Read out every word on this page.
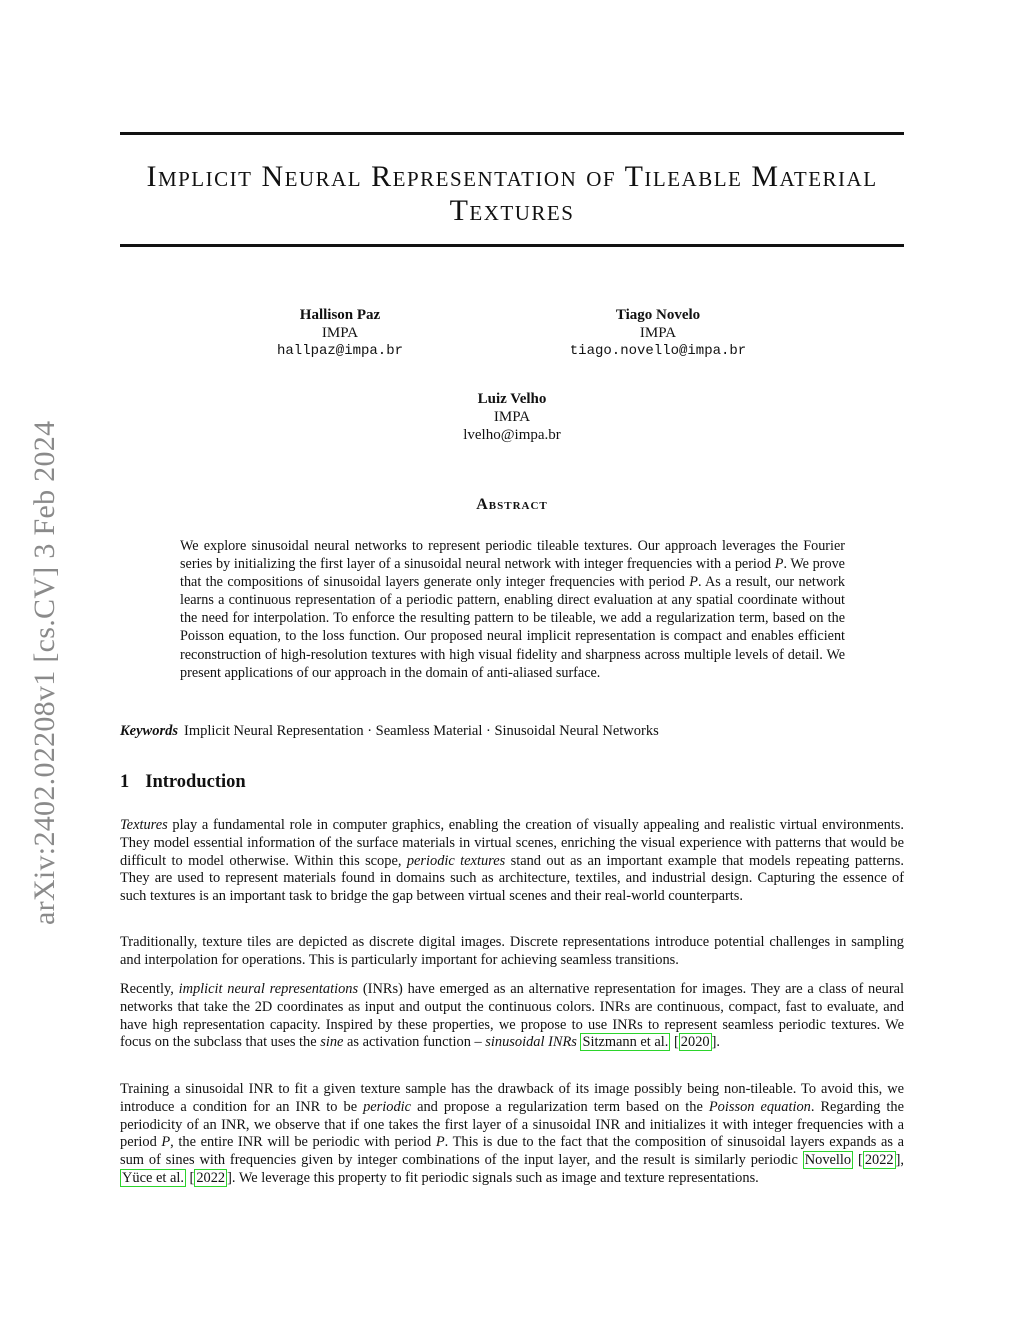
Implicit Neural Representation of Tileable Material
Textures
Hallison Paz
IMPA
hallpaz@impa.br
Tiago Novelo
IMPA
tiago.novello@impa.br
Luiz Velho
IMPA
lvelho@impa.br
Abstract
We explore sinusoidal neural networks to represent periodic tileable textures. Our approach leverages the Fourier series by initializing the first layer of a sinusoidal neural network with integer frequencies with a period P. We prove that the compositions of sinusoidal layers generate only integer frequencies with period P. As a result, our network learns a continuous representation of a periodic pattern, enabling direct evaluation at any spatial coordinate without the need for interpolation. To enforce the resulting pattern to be tileable, we add a regularization term, based on the Poisson equation, to the loss function. Our proposed neural implicit representation is compact and enables efficient reconstruction of high-resolution textures with high visual fidelity and sharpness across multiple levels of detail. We present applications of our approach in the domain of anti-aliased surface.
Keywords Implicit Neural Representation · Seamless Material · Sinusoidal Neural Networks
1 Introduction

Textures play a fundamental role in computer graphics, enabling the creation of visually appealing and realistic virtual environments. They model essential information of the surface materials in virtual scenes, enriching the visual experience with patterns that would be difficult to model otherwise. Within this scope, periodic textures stand out as an important example that models repeating patterns. They are used to represent materials found in domains such as architecture, textiles, and industrial design. Capturing the essence of such textures is an important task to bridge the gap between virtual scenes and their real-world counterparts.

Traditionally, texture tiles are depicted as discrete digital images. Discrete representations introduce potential challenges in sampling and interpolation for operations. This is particularly important for achieving seamless transitions.

Recently, implicit neural representations (INRs) have emerged as an alternative representation for images. They are a class of neural networks that take the 2D coordinates as input and output the continuous colors. INRs are continuous, compact, fast to evaluate, and have high representation capacity. Inspired by these properties, we propose to use INRs to represent seamless periodic textures. We focus on the subclass that uses the sine as activation function – sinusoidal INRs Sitzmann et al. [ 2020 ].

Training a sinusoidal INR to fit a given texture sample has the drawback of its image possibly being non-tileable. To avoid this, we introduce a condition for an INR to be periodic and propose a regularization term based on the Poisson equation. Regarding the periodicity of an INR, we observe that if one takes the first layer of a sinusoidal INR and initializes it with integer frequencies with a period P, the entire INR will be periodic with period P. This is due to the fact that the composition of sinusoidal layers expands as a sum of sines with frequencies given by integer combinations of the input layer, and the result is similarly periodic Novello [ 2022 ], Yüce et al. [ 2022 ]. We leverage this property to fit periodic signals such as image and texture representations.

arXiv:2402.02208v1 [cs.CV] 3 Feb 2024
